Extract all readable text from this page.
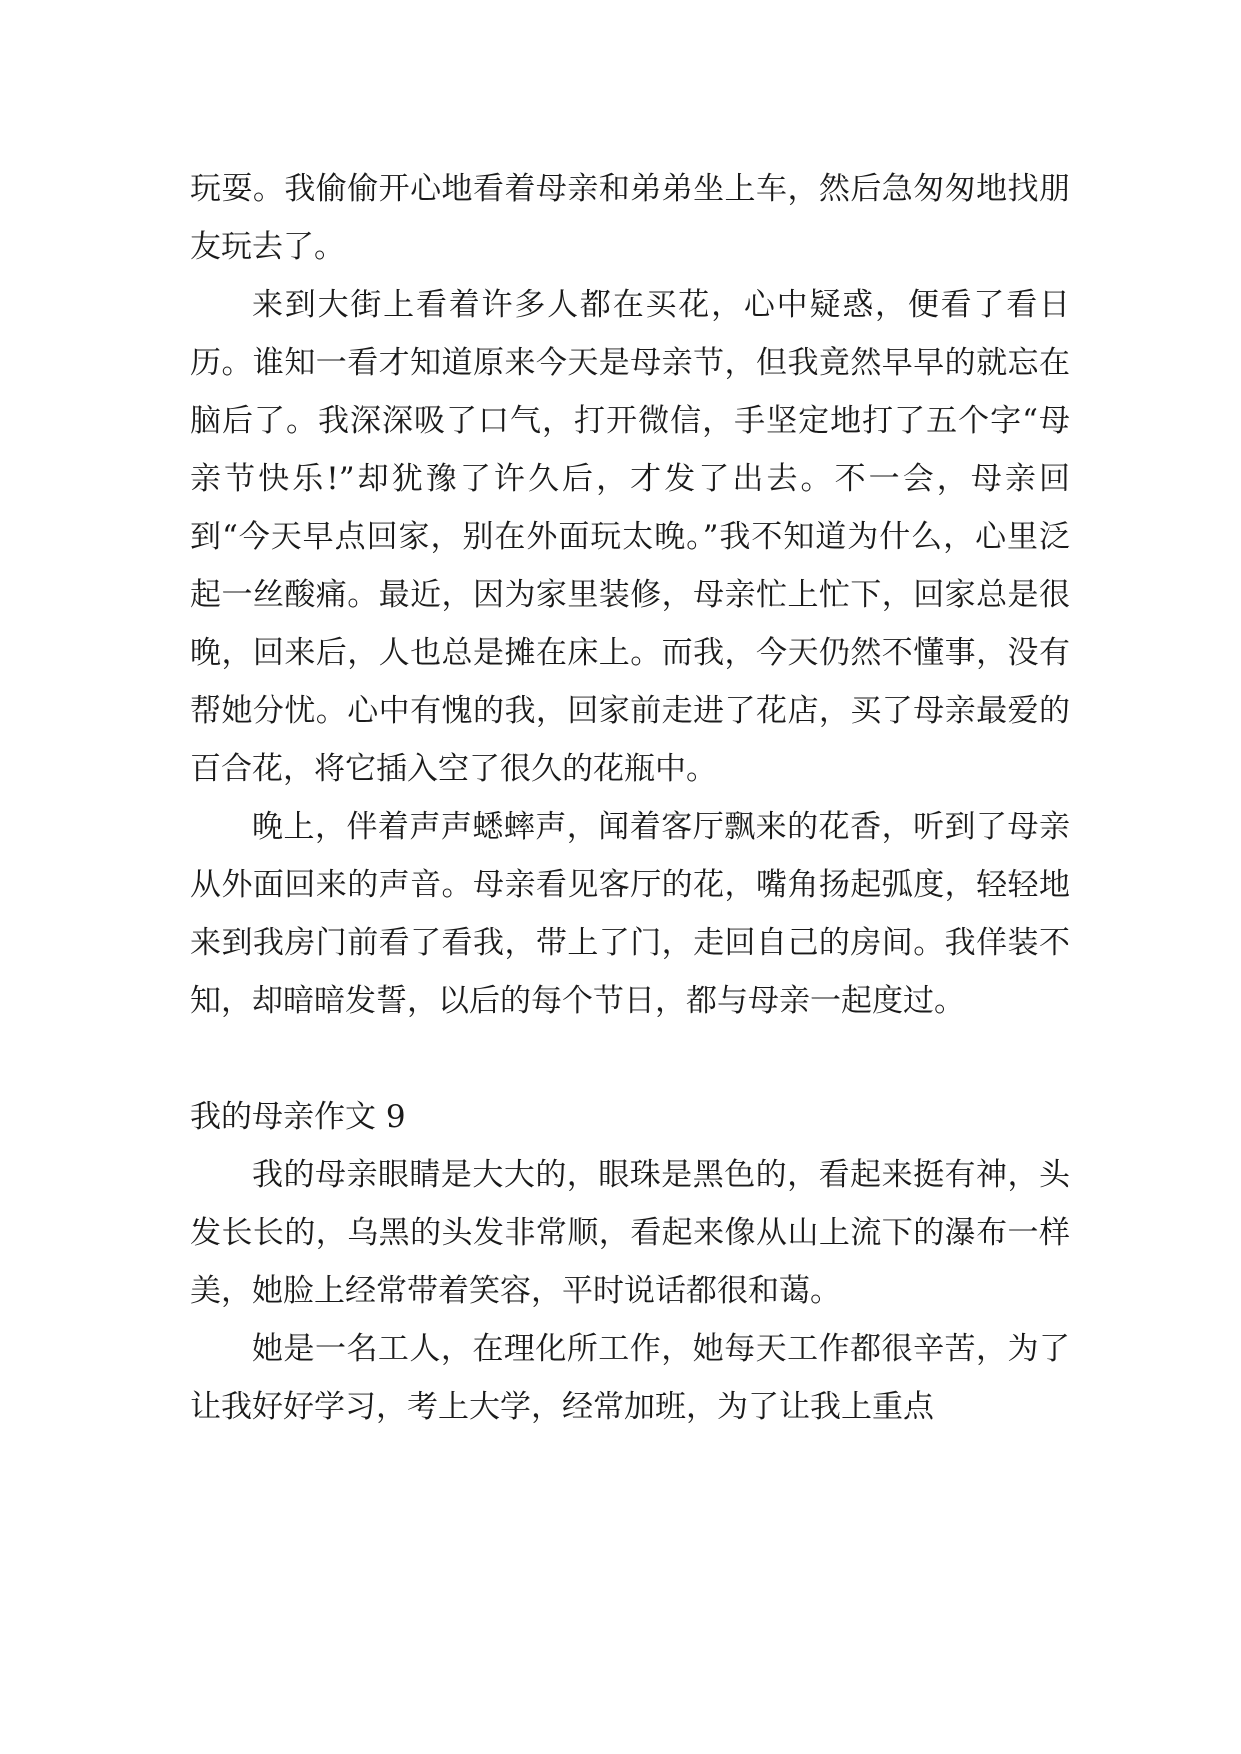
玩耍。我偷偷开心地看着母亲和弟弟坐上车，然后急匆匆地找朋友玩去了。

来到大街上看着许多人都在买花，心中疑惑，便看了看日历。谁知一看才知道原来今天是母亲节，但我竟然早早的就忘在脑后了。我深深吸了口气，打开微信，手坚定地打了五个字“母亲节快乐!”却犹豫了许久后，才发了出去。不一会，母亲回到“今天早点回家，别在外面玩太晚。”我不知道为什么，心里泛起一丝酸痛。最近，因为家里装修，母亲忙上忙下，回家总是很晚，回来后，人也总是摊在床上。而我，今天仍然不懂事，没有帮她分忧。心中有愧的我，回家前走进了花店，买了母亲最爱的百合花，将它插入空了很久的花瓶中。

晚上，伴着声声蟋蟀声，闻着客厅飘来的花香，听到了母亲从外面回来的声音。母亲看见客厅的花，嘴角扬起弧度，轻轻地来到我房门前看了看我，带上了门，走回自己的房间。我佯装不知，却暗暗发誓，以后的每个节日，都与母亲一起度过。

我的母亲作文 9

我的母亲眼睛是大大的，眼珠是黑色的，看起来挺有神，头发长长的，乌黑的头发非常顺，看起来像从山上流下的瀑布一样美，她脸上经常带着笑容，平时说话都很和蔼。

她是一名工人，在理化所工作，她每天工作都很辛苦，为了让我好好学习，考上大学，经常加班，为了让我上重点
